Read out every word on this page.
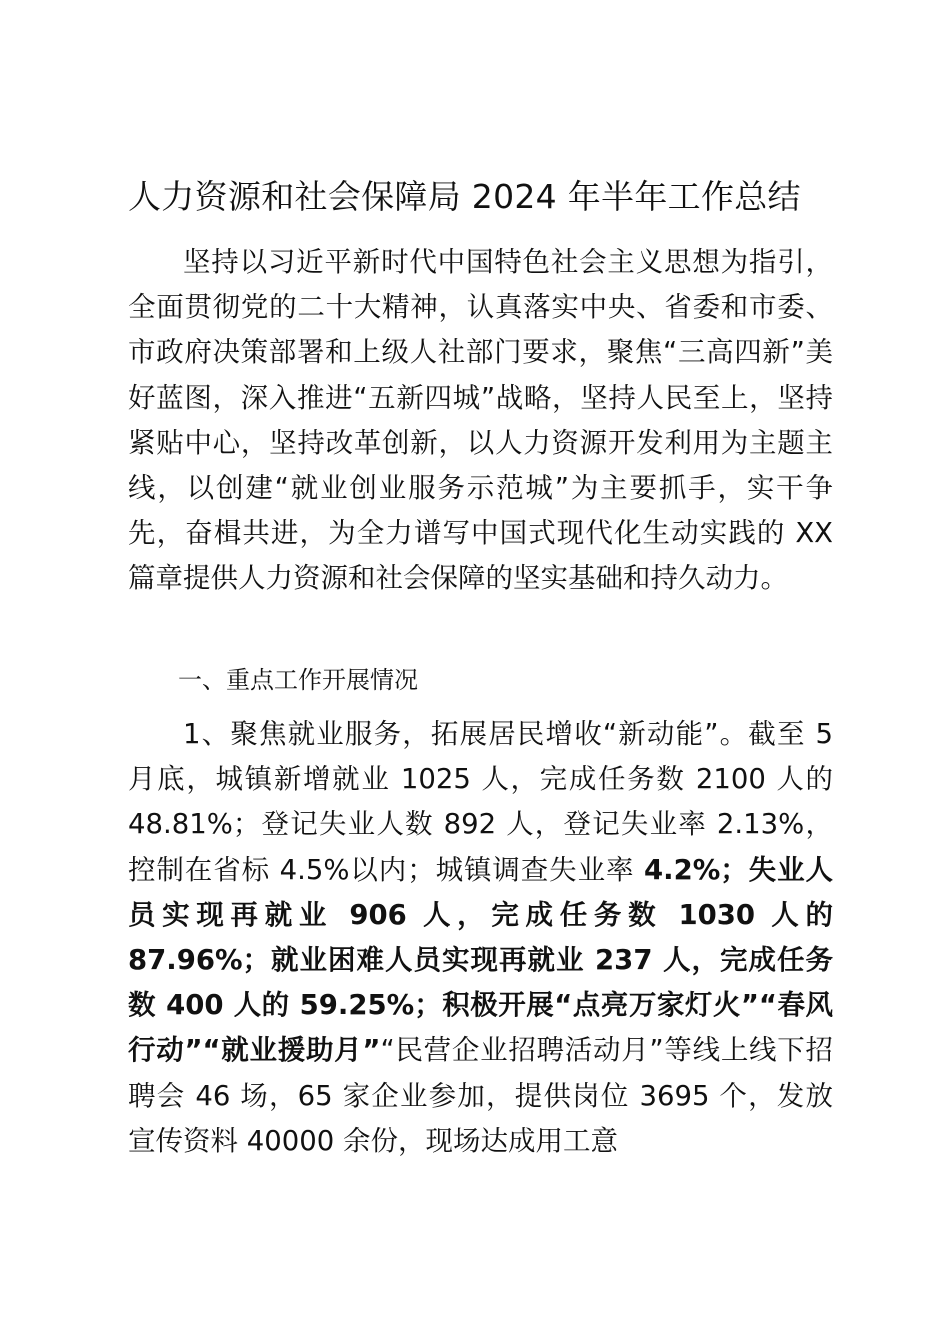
人力资源和社会保障局 2024 年半年工作总结

坚持以习近平新时代中国特色社会主义思想为指引，全面贯彻党的二十大精神，认真落实中央、省委和市委、市政府决策部署和上级人社部门要求，聚焦“三高四新”美好蓝图，深入推进“五新四城”战略，坚持人民至上，坚持紧贴中心，坚持改革创新，以人力资源开发利用为主题主线，以创建“就业创业服务示范城”为主要抓手，实干争先，奋楫共进，为全力谱写中国式现代化生动实践的 XX 篇章提供人力资源和社会保障的坚实基础和持久动力。

一、重点工作开展情况

1、聚焦就业服务，拓展居民增收“新动能”。截至 5 月底，城镇新增就业 1025 人，完成任务数 2100 人的 48.81%；登记失业人数 892 人，登记失业率 2.13%，控制在省标 4.5%以内；城镇调查失业率 4.2%；失业人员实现再就业 906 人，完成任务数 1030 人的 87.96%；就业困难人员实现再就业 237 人，完成任务数 400 人的 59.25%；积极开展“点亮万家灯火”“春风行动”“就业援助月”“民营企业招聘活动月”等线上线下招聘会 46 场，65 家企业参加，提供岗位 3695 个，发放宣传资料 40000 余份，现场达成用工意
